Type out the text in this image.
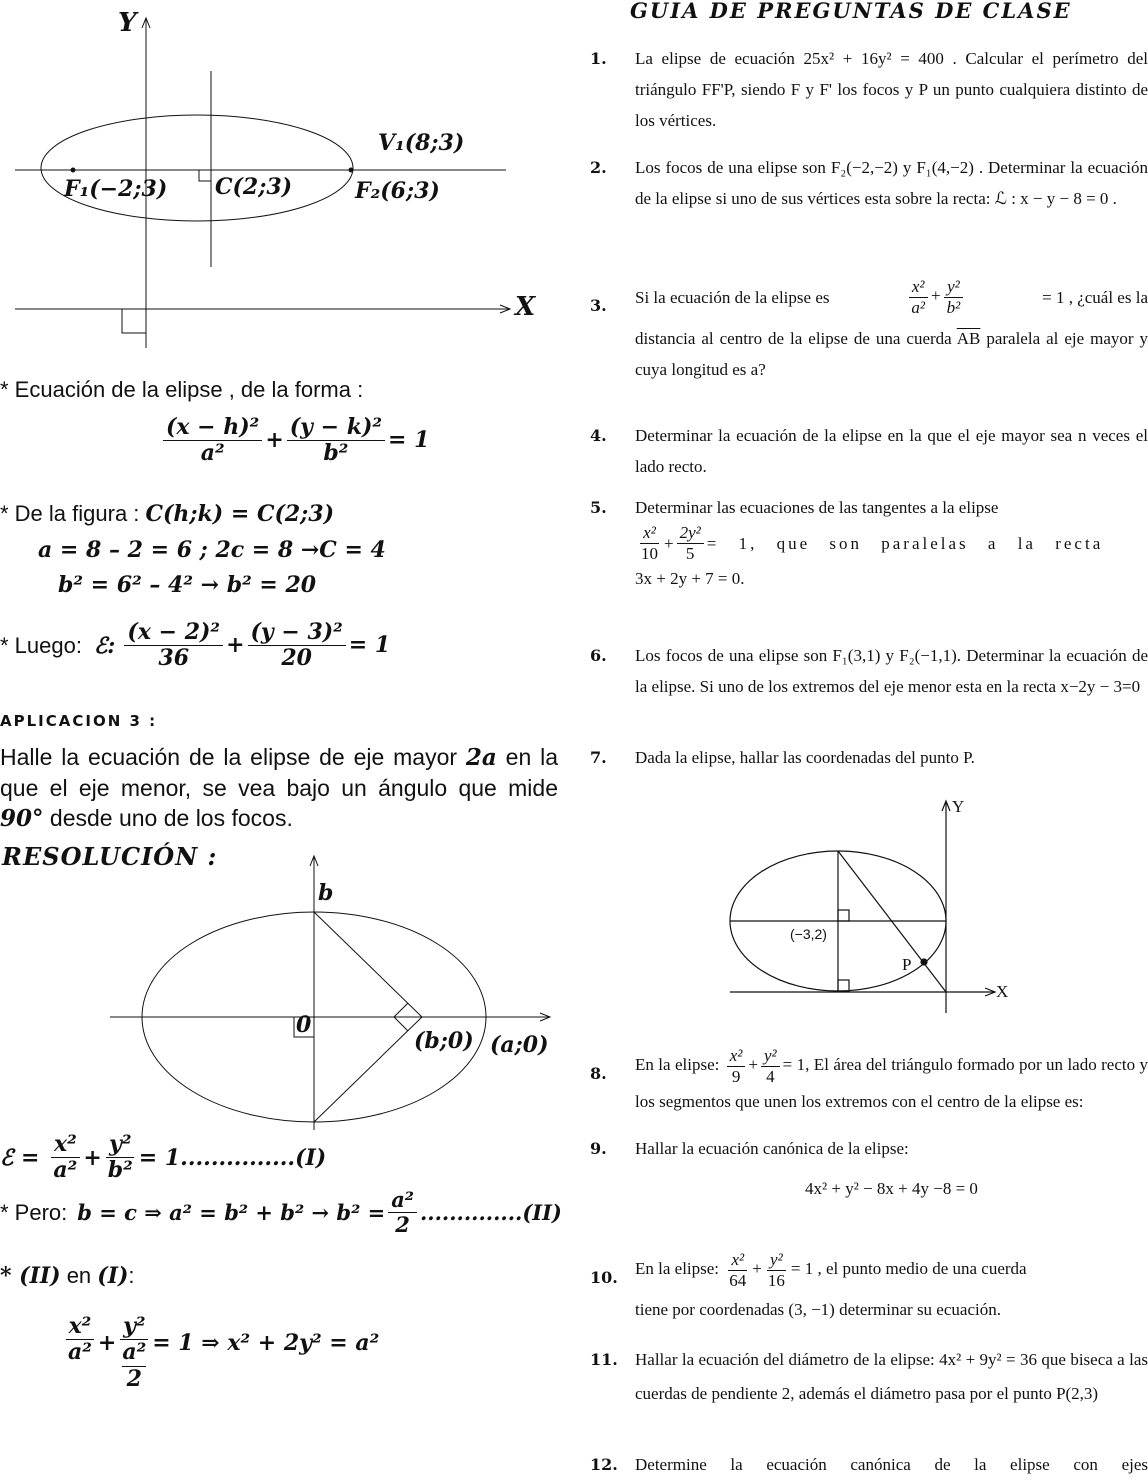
Y
X
V₁(8;3)
F₁(−2;3) C(2;3)	F₂(6;3)
* Ecuación de la elipse , de la forma :
$\frac{\text{(x − h)²}}{\text{a²}} + \frac{\text{(y − k)²}}{\text{b²}} = 1$
* De la figura : C(h;k) = C(2;3)
a = 8 – 2 = 6 ; 2c = 8 →C = 4
b² = 6² – 4² → b² = 20
* Luego: ℰ: $\frac{\text{(x − 2)²}}{36} + \frac{\text{(y − 3)²}}{20} = 1$
APLICACION 3 :
Halle la ecuación de la elipse de eje mayor 2a en la que el eje menor, se vea bajo un ángulo que mide 90° desde uno de los focos.
RESOLUCIÓN :
b
0
(b;0) (a;0)
ℰ = $\frac{\text{x²}}{\text{a²}} + \frac{\text{y²}}{\text{b²}} = 1...............(I)$
* Pero: b = c ⇒ $a^2 = b^2 + b^2 \to b^2 = \frac{\text{a²}}{2} ..............(II)$
* (II) en (I):
$\frac{\text{x²}}{\text{a²}} + \frac{\text{y²}}{\frac{\text{a²}}{2}} = 1$ ⇒ x² + 2y² = a²
GUIA DE PREGUNTAS DE CLASE
1. La elipse de ecuación 25x² + 16y² = 400 . Calcular el perímetro del triángulo FF'P, siendo F y F' los focos y P un punto cualquiera distinto de los vértices.
2. Los focos de una elipse son F₂(−2,−2) y F₁(4,−2) . Determinar la ecuación de la elipse si uno de sus vértices esta sobre la recta: ℒ : x − y − 8 = 0 .
3. Si la ecuación de la elipse es	$\frac{\text{x²}}{\text{a²}} + \frac{\text{y²}}{\text{b²}}$	= 1 , ¿cuál es la
distancia al centro de la elipse de una cuerda $\overline{AB}$ paralela al eje mayor y cuya longitud es a?
4. Determinar la ecuación de la elipse en la que el eje mayor sea n veces el lado recto.
5. Determinar las ecuaciones de las tangentes a la elipse
$\frac{\text{x²}}{10} + \frac{\text{2y²}}{5} = 1$, que son paralelas a la recta
3x + 2y + 7 = 0.
6. Los focos de una elipse son F₁(3,1) y F₂(−1,1). Determinar la ecuación de la elipse. Si uno de los extremos del eje menor esta en la recta x−2y − 3=0
7. Dada la elipse, hallar las coordenadas del punto P.
Y
X
(−3,2)
P
8. En la elipse: $\frac{\text{x²}}{9} + \frac{\text{y²}}{4} = 1$, El área del triángulo formado por un lado recto y los segmentos que unen los extremos con el centro de la elipse es:
9. Hallar la ecuación canónica de la elipse:
4x² + y² − 8x + 4y −8 = 0
10. En la elipse: $\frac{\text{x²}}{64} + \frac{\text{y²}}{16} = 1$ , el punto medio de una cuerda
tiene por coordenadas (3, −1) determinar su ecuación.
11. Hallar la ecuación del diámetro de la elipse: 4x² + 9y² = 36 que biseca a las cuerdas de pendiente 2, además el diámetro pasa por el punto P(2,3)
12. Determine la ecuación canónica de la elipse con ejes
